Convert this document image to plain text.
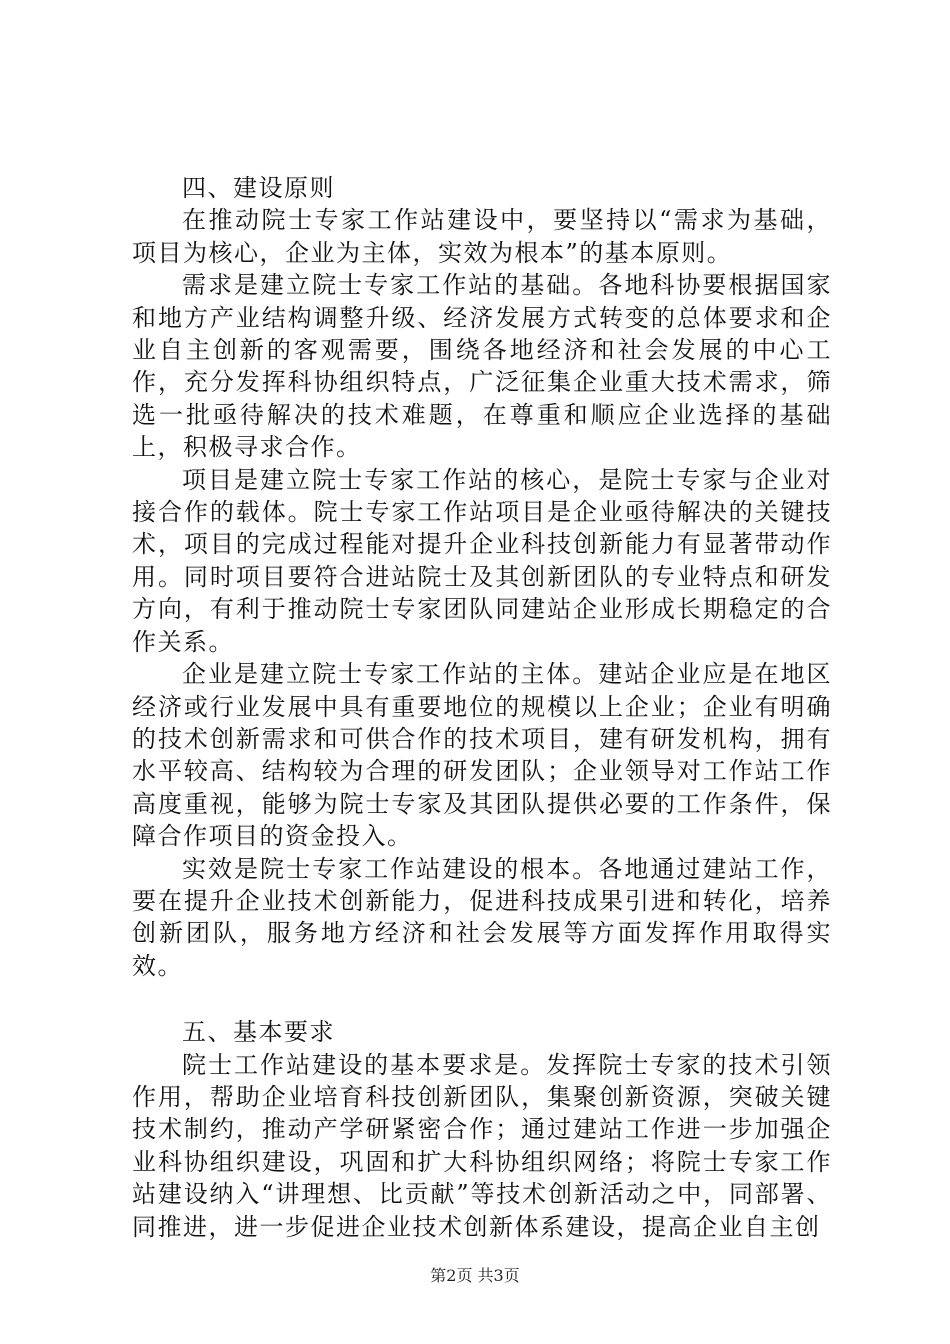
四、建设原则

在推动院士专家工作站建设中，要坚持以“需求为基础，项目为核心，企业为主体，实效为根本”的基本原则。

需求是建立院士专家工作站的基础。各地科协要根据国家和地方产业结构调整升级、经济发展方式转变的总体要求和企业自主创新的客观需要，围绕各地经济和社会发展的中心工作，充分发挥科协组织特点，广泛征集企业重大技术需求，筛选一批亟待解决的技术难题，在尊重和顺应企业选择的基础上，积极寻求合作。

项目是建立院士专家工作站的核心，是院士专家与企业对接合作的载体。院士专家工作站项目是企业亟待解决的关键技术，项目的完成过程能对提升企业科技创新能力有显著带动作用。同时项目要符合进站院士及其创新团队的专业特点和研发方向，有利于推动院士专家团队同建站企业形成长期稳定的合作关系。

企业是建立院士专家工作站的主体。建站企业应是在地区经济或行业发展中具有重要地位的规模以上企业；企业有明确的技术创新需求和可供合作的技术项目，建有研发机构，拥有水平较高、结构较为合理的研发团队；企业领导对工作站工作高度重视，能够为院士专家及其团队提供必要的工作条件，保障合作项目的资金投入。

实效是院士专家工作站建设的根本。各地通过建站工作，要在提升企业技术创新能力，促进科技成果引进和转化，培养创新团队，服务地方经济和社会发展等方面发挥作用取得实效。

五、基本要求

院士工作站建设的基本要求是。发挥院士专家的技术引领作用，帮助企业培育科技创新团队，集聚创新资源，突破关键技术制约，推动产学研紧密合作；通过建站工作进一步加强企业科协组织建设，巩固和扩大科协组织网络；将院士专家工作站建设纳入“讲理想、比贡献”等技术创新活动之中，同部署、同推进，进一步促进企业技术创新体系建设，提高企业自主创

第2页 共3页
